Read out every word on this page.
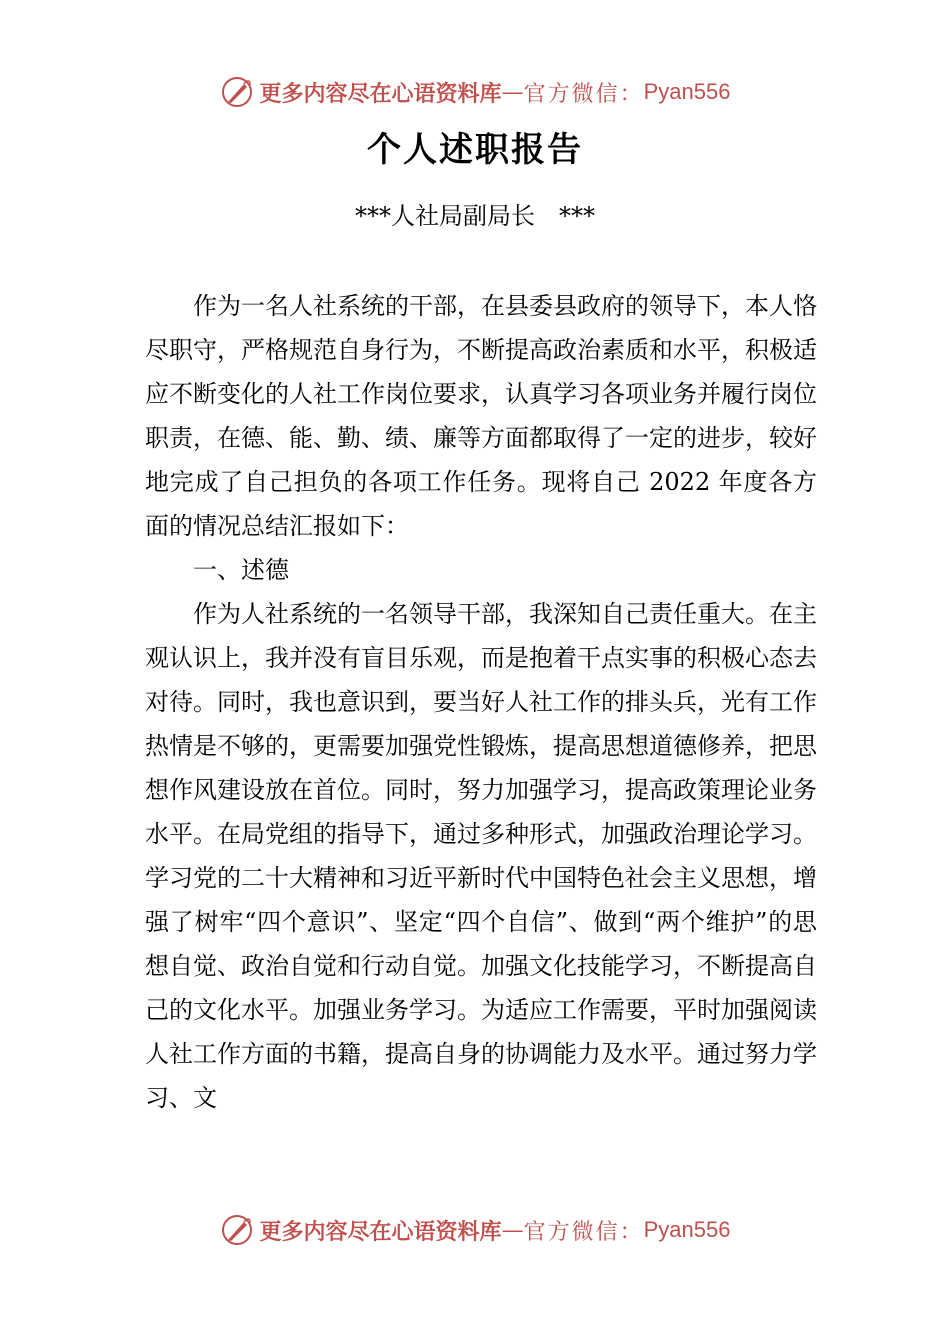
更多内容尽在心语资料库 — 官方微信： Pyan556
个人述职报告
***人社局副局长　***

作为一名人社系统的干部，在县委县政府的领导下，本人恪尽职守，严格规范自身行为，不断提高政治素质和水平，积极适应不断变化的人社工作岗位要求，认真学习各项业务并履行岗位职责，在德、能、勤、绩、廉等方面都取得了一定的进步，较好地完成了自己担负的各项工作任务。现将自己 2022 年度各方面的情况总结汇报如下：

一、述德

作为人社系统的一名领导干部，我深知自己责任重大。在主观认识上，我并没有盲目乐观，而是抱着干点实事的积极心态去对待。同时，我也意识到，要当好人社工作的排头兵，光有工作热情是不够的，更需要加强党性锻炼，提高思想道德修养，把思想作风建设放在首位。同时，努力加强学习，提高政策理论业务水平。在局党组的指导下，通过多种形式，加强政治理论学习。学习党的二十大精神和习近平新时代中国特色社会主义思想，增强了树牢“四个意识”、坚定“四个自信”、做到“两个维护”的思想自觉、政治自觉和行动自觉。加强文化技能学习，不断提高自己的文化水平。加强业务学习。为适应工作需要，平时加强阅读人社工作方面的书籍，提高自身的协调能力及水平。通过努力学习、文

更多内容尽在心语资料库 — 官方微信： Pyan556
